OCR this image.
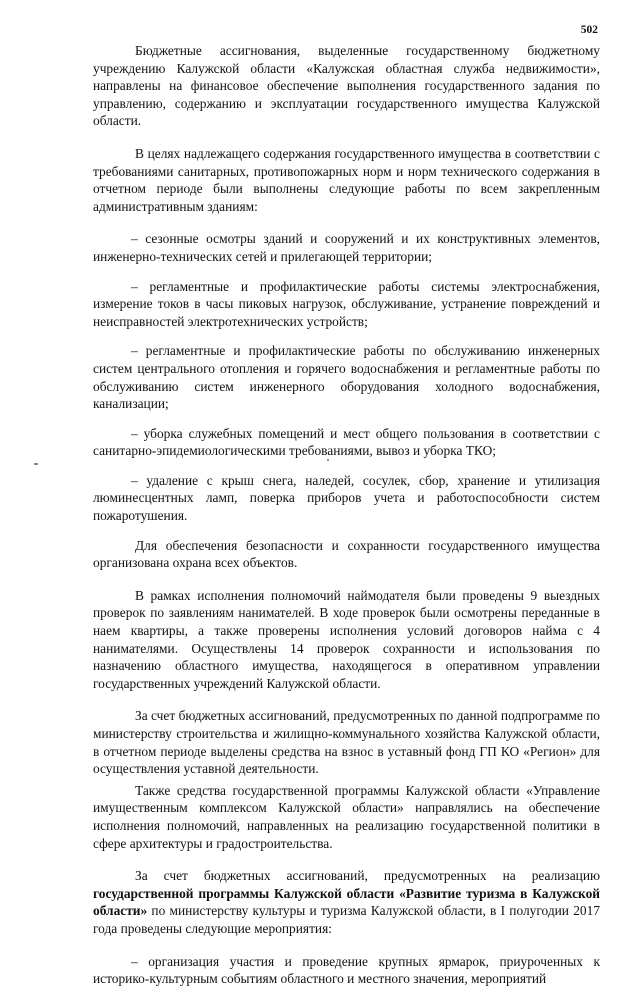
502

Бюджетные ассигнования, выделенные государственному бюджетному учреждению Калужской области «Калужская областная служба недвижимости», направлены на финансовое обеспечение выполнения государственного задания по управлению, содержанию и эксплуатации государственного имущества Калужской области.

В целях надлежащего содержания государственного имущества в соответствии с требованиями санитарных, противопожарных норм и норм технического содержания в отчетном периоде были выполнены следующие работы по всем закрепленным административным зданиям:

– сезонные осмотры зданий и сооружений и их конструктивных элементов, инженерно-технических сетей и прилегающей территории;

– регламентные и профилактические работы системы электроснабжения, измерение токов в часы пиковых нагрузок, обслуживание, устранение повреждений и неисправностей электротехнических устройств;

– регламентные и профилактические работы по обслуживанию инженерных систем центрального отопления и горячего водоснабжения и регламентные работы по обслуживанию систем инженерного оборудования холодного водоснабжения, канализации;

– уборка служебных помещений и мест общего пользования в соответствии с санитарно-эпидемиологическими требованиями, вывоз и уборка ТКО;

– удаление с крыш снега, наледей, сосулек, сбор, хранение и утилизация люминесцентных ламп, поверка приборов учета и работоспособности систем пожаротушения.

Для обеспечения безопасности и сохранности государственного имущества организована охрана всех объектов.

В рамках исполнения полномочий наймодателя были проведены 9 выездных проверок по заявлениям нанимателей. В ходе проверок были осмотрены переданные в наем квартиры, а также проверены исполнения условий договоров найма с 4 нанимателями. Осуществлены 14 проверок сохранности и использования по назначению областного имущества, находящегося в оперативном управлении государственных учреждений Калужской области.

За счет бюджетных ассигнований, предусмотренных по данной подпрограмме по министерству строительства и жилищно-коммунального хозяйства Калужской области, в отчетном периоде выделены средства на взнос в уставный фонд ГП КО «Регион» для осуществления уставной деятельности.

Также средства государственной программы Калужской области «Управление имущественным комплексом Калужской области» направлялись на обеспечение исполнения полномочий, направленных на реализацию государственной политики в сфере архитектуры и градостроительства.

За счет бюджетных ассигнований, предусмотренных на реализацию государственной программы Калужской области «Развитие туризма в Калужской области» по министерству культуры и туризма Калужской области, в I полугодии 2017 года проведены следующие мероприятия:

– организация участия и проведение крупных ярмарок, приуроченных к историко-культурным событиям областного и местного значения, мероприятий
